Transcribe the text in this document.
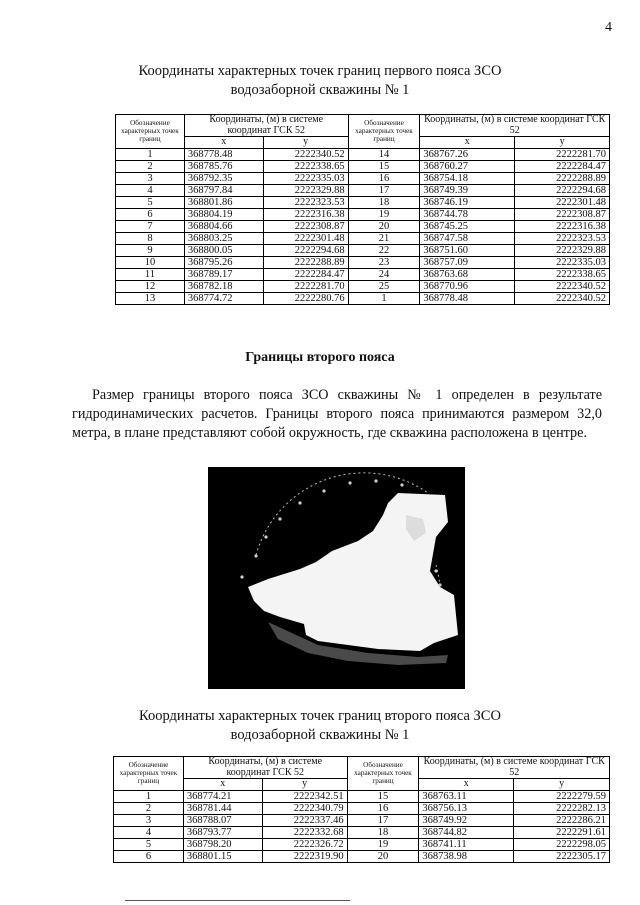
4
Координаты характерных точек границ первого пояса ЗСО
водозаборной скважины № 1
Обозначение характерных точек границ	Координаты, (м) в системе координат ГСК 52		Обозначение характерных точек границ	Координаты, (м) в системе координат ГСК 52	
	x	y		x	y
1	368778.48	2222340.52	14	368767.26	2222281.70
2	368785.76	2222338.65	15	368760.27	2222284.47
3	368792.35	2222335.03	16	368754.18	2222288.89
4	368797.84	2222329.88	17	368749.39	2222294.68
5	368801.86	2222323.53	18	368746.19	2222301.48
6	368804.19	2222316.38	19	368744.78	2222308.87
7	368804.66	2222308.87	20	368745.25	2222316.38
8	368803.25	2222301.48	21	368747.58	2222323.53
9	368800.05	2222294.68	22	368751.60	2222329.88
10	368795.26	2222288.89	23	368757.09	2222335.03
11	368789.17	2222284.47	24	368763.68	2222338.65
12	368782.18	2222281.70	25	368770.96	2222340.52
13	368774.72	2222280.76	1	368778.48	2222340.52
Границы второго пояса
Размер границы второго пояса ЗСО скважины № 1 определен в результате гидродинамических расчетов. Границы второго пояса принимаются размером 32,0 метра, в плане представляют собой окружность, где скважина расположена в центре.
Координаты характерных точек границ второго пояса ЗСО
водозаборной скважины № 1
Обозначение характерных точек границ	Координаты, (м) в системе координат ГСК 52		Обозначение характерных точек границ	Координаты, (м) в системе координат ГСК 52	
	x	y		x	y
1	368774.21	2222342.51	15	368763.11	2222279.59
2	368781.44	2222340.79	16	368756.13	2222282.13
3	368788.07	2222337.46	17	368749.92	2222286.21
4	368793.77	2222332.68	18	368744.82	2222291.61
5	368798.20	2222326.72	19	368741.11	2222298.05
6	368801.15	2222319.90	20	368738.98	2222305.17
